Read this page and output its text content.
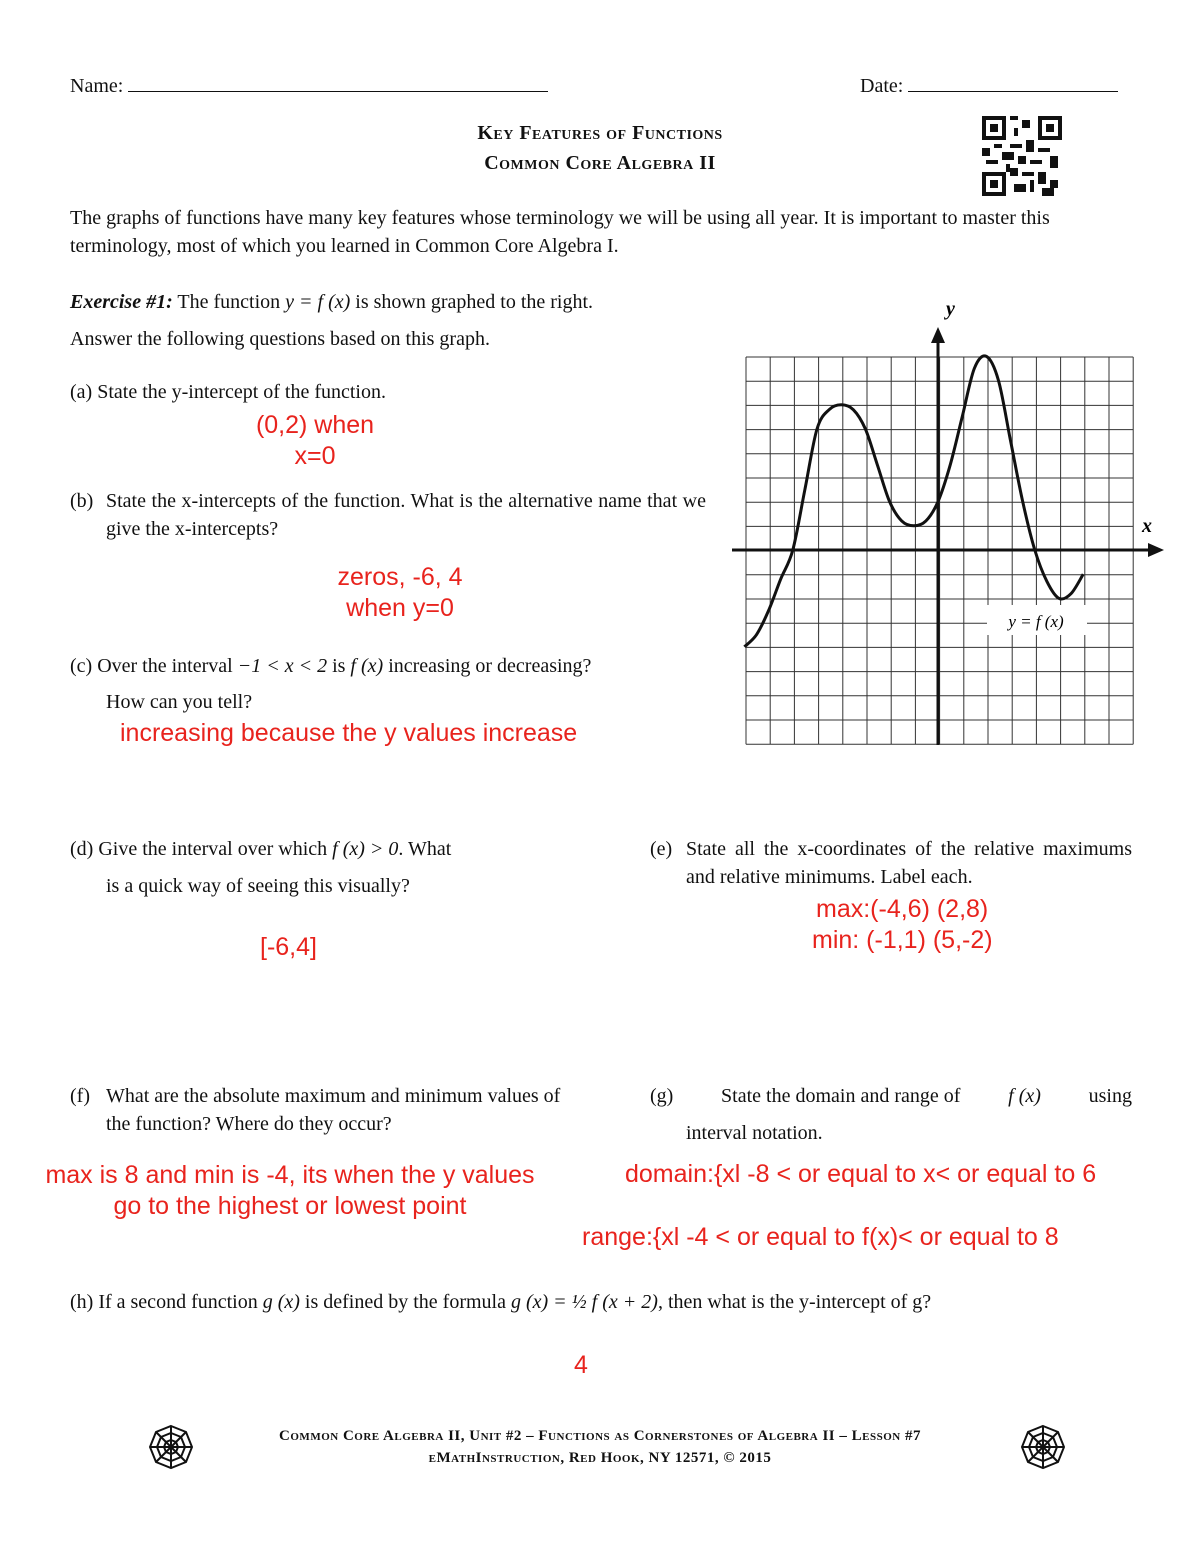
Name:	Date:
Key Features of Functions
Common Core Algebra II
The graphs of functions have many key features whose terminology we will be using all year. It is important to master this terminology, most of which you learned in Common Core Algebra I.
Exercise #1: The function y = f (x) is shown graphed to the right.
Answer the following questions based on this graph.
(a) State the y-intercept of the function.
(0,2) when
x=0
(b) State the x-intercepts of the function. What is the alternative name that we give the x-intercepts?
zeros, -6, 4
when y=0
(c) Over the interval −1 < x < 2 is f (x) increasing or decreasing?
How can you tell?
increasing because the y values increase
y = f (x)
x
y
(d) Give the interval over which f (x) > 0. What
is a quick way of seeing this visually?
[-6,4]
(e) State all the x-coordinates of the relative maximums and relative minimums. Label each.
max:(-4,6) (2,8)
min: (-1,1) (5,-2)
(f) What are the absolute maximum and minimum values of the function? Where do they occur?
max is 8 and min is -4, its when the y values
go to the highest or lowest point
(g) State the domain and range of f (x) using
interval notation.
domain:{xl -8 < or equal to x< or equal to 6
range:{xl -4 < or equal to f(x)< or equal to 8
(h) If a second function g (x) is defined by the formula g (x) = ½ f (x + 2), then what is the y-intercept of g?
4
Common Core Algebra II, Unit #2 – Functions as Cornerstones of Algebra II – Lesson #7
eMathInstruction, Red Hook, NY 12571, © 2015
